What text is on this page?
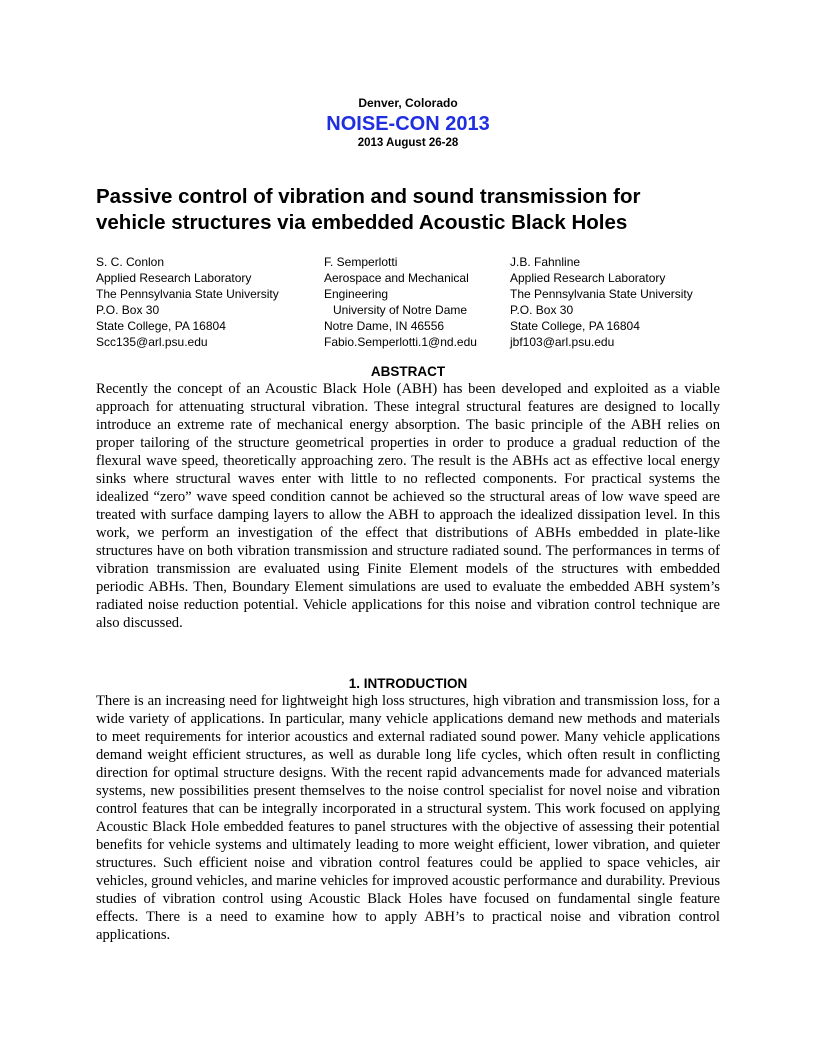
Denver, Colorado
NOISE-CON 2013
2013 August 26-28
Passive control of vibration and sound transmission for
vehicle structures via embedded Acoustic Black Holes
S. C. Conlon
Applied Research Laboratory
The Pennsylvania State University
P.O. Box 30
State College, PA 16804
Scc135@arl.psu.edu
F. Semperlotti
Aerospace and Mechanical
Engineering
University of Notre Dame
Notre Dame, IN 46556
Fabio.Semperlotti.1@nd.edu
J.B. Fahnline
Applied Research Laboratory
The Pennsylvania State University
P.O. Box 30
State College, PA 16804
jbf103@arl.psu.edu
ABSTRACT

Recently the concept of an Acoustic Black Hole (ABH) has been developed and exploited as a viable approach for attenuating structural vibration. These integral structural features are designed to locally introduce an extreme rate of mechanical energy absorption. The basic principle of the ABH relies on proper tailoring of the structure geometrical properties in order to produce a gradual reduction of the flexural wave speed, theoretically approaching zero. The result is the ABHs act as effective local energy sinks where structural waves enter with little to no reflected components. For practical systems the idealized “zero” wave speed condition cannot be achieved so the structural areas of low wave speed are treated with surface damping layers to allow the ABH to approach the idealized dissipation level. In this work, we perform an investigation of the effect that distributions of ABHs embedded in plate-like structures have on both vibration transmission and structure radiated sound. The performances in terms of vibration transmission are evaluated using Finite Element models of the structures with embedded periodic ABHs. Then, Boundary Element simulations are used to evaluate the embedded ABH system’s radiated noise reduction potential. Vehicle applications for this noise and vibration control technique are also discussed.

1. INTRODUCTION

There is an increasing need for lightweight high loss structures, high vibration and transmission loss, for a wide variety of applications. In particular, many vehicle applications demand new methods and materials to meet requirements for interior acoustics and external radiated sound power. Many vehicle applications demand weight efficient structures, as well as durable long life cycles, which often result in conflicting direction for optimal structure designs. With the recent rapid advancements made for advanced materials systems, new possibilities present themselves to the noise control specialist for novel noise and vibration control features that can be integrally incorporated in a structural system. This work focused on applying Acoustic Black Hole embedded features to panel structures with the objective of assessing their potential benefits for vehicle systems and ultimately leading to more weight efficient, lower vibration, and quieter structures. Such efficient noise and vibration control features could be applied to space vehicles, air vehicles, ground vehicles, and marine vehicles for improved acoustic performance and durability. Previous studies of vibration control using Acoustic Black Holes have focused on fundamental single feature effects. There is a need to examine how to apply ABH’s to practical noise and vibration control applications.
